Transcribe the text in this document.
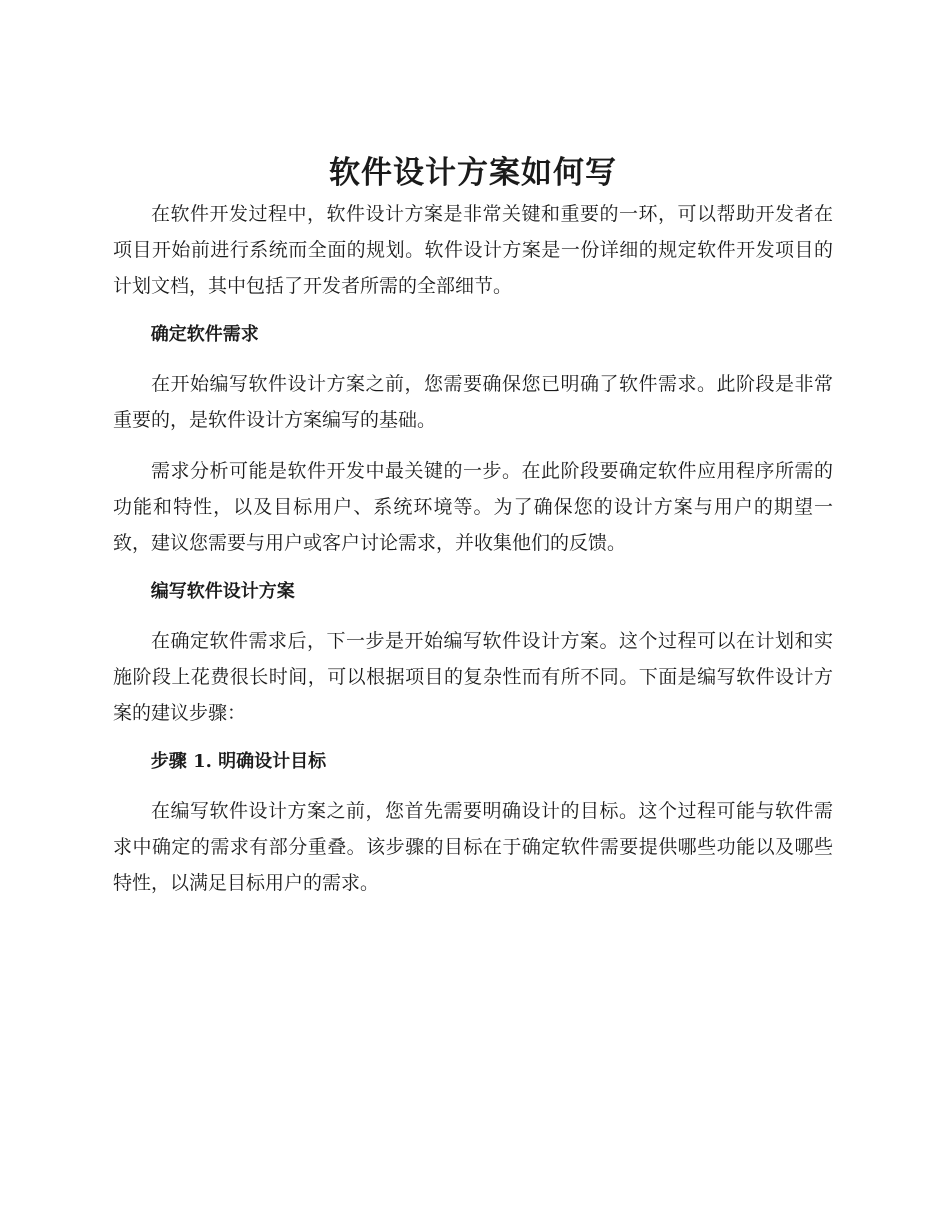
软件设计方案如何写

在软件开发过程中，软件设计方案是非常关键和重要的一环，可以帮助开发者在项目开始前进行系统而全面的规划。软件设计方案是一份详细的规定软件开发项目的计划文档，其中包括了开发者所需的全部细节。

确定软件需求

在开始编写软件设计方案之前，您需要确保您已明确了软件需求。此阶段是非常重要的，是软件设计方案编写的基础。

需求分析可能是软件开发中最关键的一步。在此阶段要确定软件应用程序所需的功能和特性，以及目标用户、系统环境等。为了确保您的设计方案与用户的期望一致，建议您需要与用户或客户讨论需求，并收集他们的反馈。

编写软件设计方案

在确定软件需求后，下一步是开始编写软件设计方案。这个过程可以在计划和实施阶段上花费很长时间，可以根据项目的复杂性而有所不同。下面是编写软件设计方案的建议步骤：

步骤 1. 明确设计目标

在编写软件设计方案之前，您首先需要明确设计的目标。这个过程可能与软件需求中确定的需求有部分重叠。该步骤的目标在于确定软件需要提供哪些功能以及哪些特性，以满足目标用户的需求。
